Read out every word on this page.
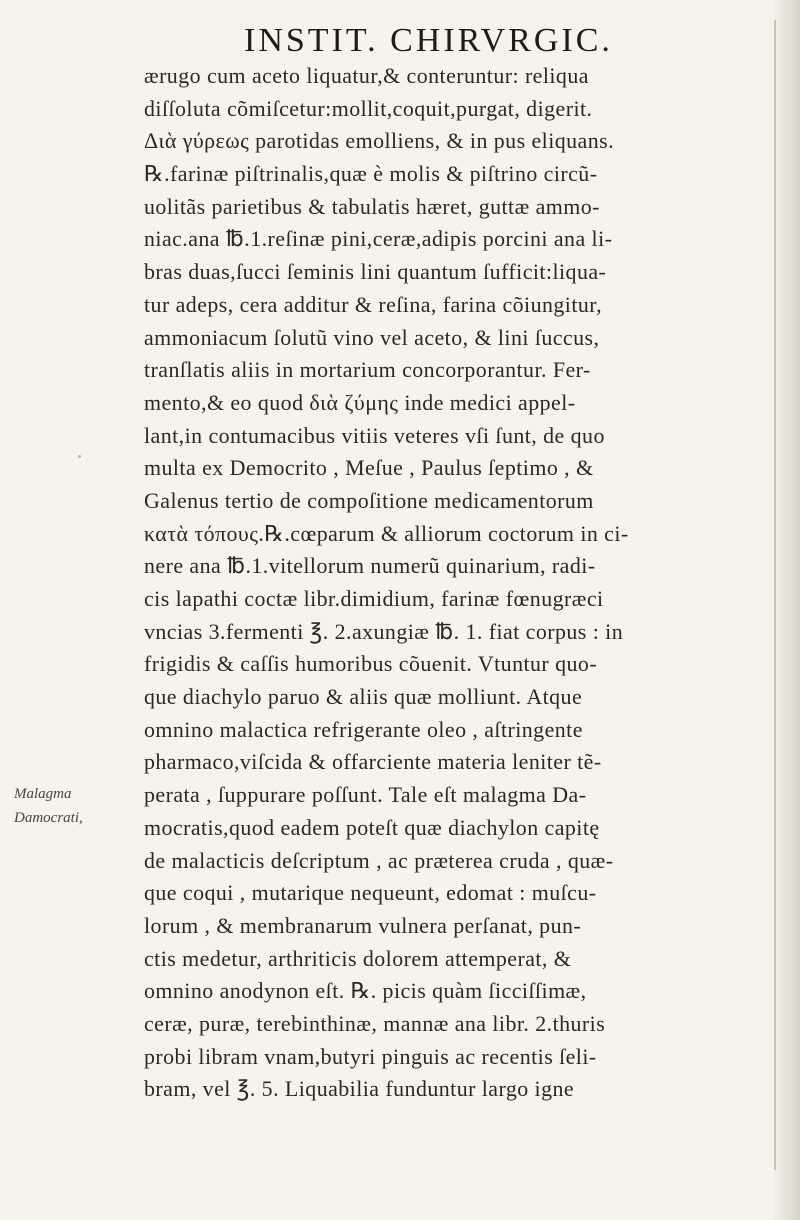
INSTIT. CHIRVRGIC.
Malagma
Damocrati,
ærugo cum aceto liquatur,& conteruntur: reliqua
diſſoluta cõmiſcetur:mollit,coquit,purgat, digerit.
Διὰ γύρεως parotidas emolliens, & in pus eliquans.
℞.farinæ piſtrinalis,quæ è molis & piſtrino circũ-
uolitãs parietibus & tabulatis hæret, guttæ ammo-
niac.ana ℔.1.reſinæ pini,ceræ,adipis porcini ana li-
bras duas,ſucci ſeminis lini quantum ſufficit:liqua-
tur adeps, cera additur & reſina, farina cõiungitur,
ammoniacum ſolutũ vino vel aceto, & lini ſuccus,
tranſlatis aliis in mortarium concorporantur. Fer-
mento,& eo quod διὰ ζύμης inde medici appel-
lant,in contumacibus vitiis veteres vſi ſunt, de quo
multa ex Democrito , Meſue , Paulus ſeptimo , &
Galenus tertio de compoſitione medicamentorum
κατὰ τόπους.℞.cœparum & alliorum coctorum in ci-
nere ana ℔.1.vitellorum numerũ quinarium, radi-
cis lapathi coctæ libr.dimidium, farinæ fœnugræci
vncias 3.fermenti ℥. 2.axungiæ ℔. 1. fiat corpus : in
frigidis & caſſis humoribus cõuenit. Vtuntur quo-
que diachylo paruo & aliis quæ molliunt. Atque
omnino malactica refrigerante oleo , aſtringente
pharmaco,viſcida & offarciente materia leniter tẽ-
perata , ſuppurare poſſunt. Tale eſt malagma Da-
mocratis,quod eadem poteſt quæ diachylon capitę
de malacticis deſcriptum , ac præterea cruda , quæ-
que coqui , mutarique nequeunt, edomat : muſcu-
lorum , & membranarum vulnera perſanat, pun-
ctis medetur, arthriticis dolorem attemperat, &
omnino anodynon eſt. ℞. picis quàm ſicciſſimæ,
ceræ, puræ, terebinthinæ, mannæ ana libr. 2.thuris
probi libram vnam,butyri pinguis ac recentis ſeli-
bram, vel ℥. 5. Liquabilia funduntur largo igne
